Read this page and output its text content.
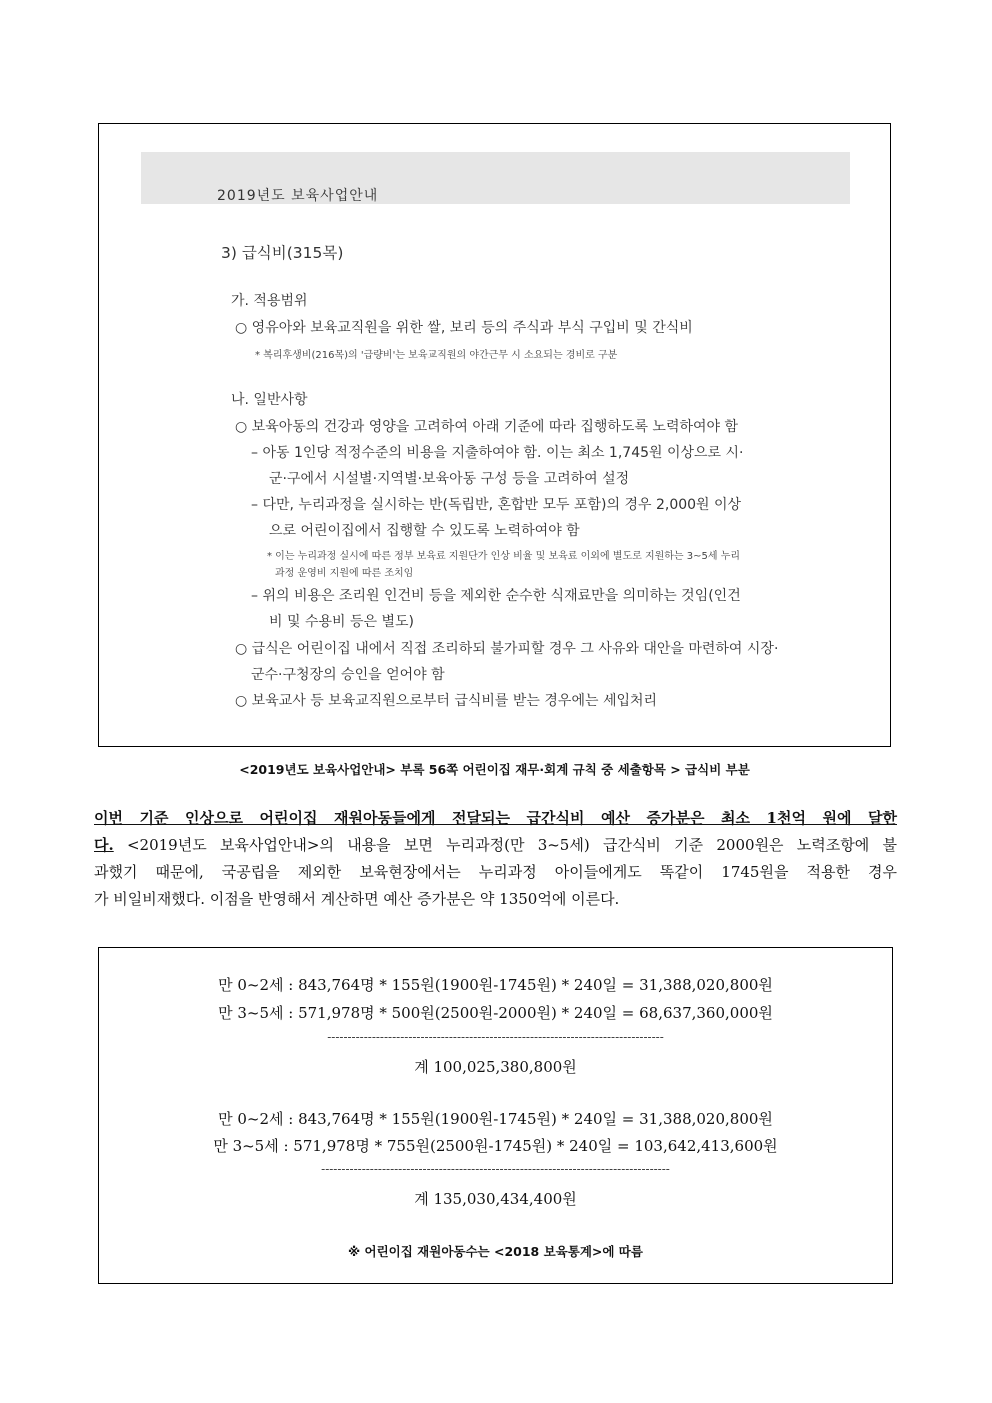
2019년도 보육사업안내
3) 급식비(315목)
가. 적용범위
○ 영유아와 보육교직원을 위한 쌀, 보리 등의 주식과 부식 구입비 및 간식비
* 복리후생비(216목)의 '급량비'는 보육교직원의 야간근무 시 소요되는 경비로 구분
나. 일반사항
○ 보육아동의 건강과 영양을 고려하여 아래 기준에 따라 집행하도록 노력하여야 함
– 아동 1인당 적정수준의 비용을 지출하여야 함. 이는 최소 1,745원 이상으로 시·
군·구에서 시설별·지역별·보육아동 구성 등을 고려하여 설정
– 다만, 누리과정을 실시하는 반(독립반, 혼합반 모두 포함)의 경우 2,000원 이상
으로 어린이집에서 집행할 수 있도록 노력하여야 함
* 이는 누리과정 실시에 따른 정부 보육료 지원단가 인상 비율 및 보육료 이외에 별도로 지원하는 3~5세 누리
과정 운영비 지원에 따른 조치임
– 위의 비용은 조리원 인건비 등을 제외한 순수한 식재료만을 의미하는 것임(인건
비 및 수용비 등은 별도)
○ 급식은 어린이집 내에서 직접 조리하되 불가피할 경우 그 사유와 대안을 마련하여 시장·
군수·구청장의 승인을 얻어야 함
○ 보육교사 등 보육교직원으로부터 급식비를 받는 경우에는 세입처리
<2019년도 보육사업안내> 부록 56쪽 어린이집 재무·회계 규칙 중 세출항목 > 급식비 부분
이번 기준 인상으로 어린이집 재원아동들에게 전달되는 급간식비 예산 증가분은 최소 1천억 원에 달한
다. <2019년도 보육사업안내>의 내용을 보면 누리과정(만 3~5세) 급간식비 기준 2000원은 노력조항에 불
과했기 때문에, 국공립을 제외한 보육현장에서는 누리과정 아이들에게도 똑같이 1745원을 적용한 경우
가 비일비재했다. 이점을 반영해서 계산하면 예산 증가분은 약 1350억에 이른다.
만 0~2세 : 843,764명 * 155원(1900원-1745원) * 240일 = 31,388,020,800원
만 3~5세 : 571,978명 * 500원(2500원-2000원) * 240일 = 68,637,360,000원
-----------------------------------------------------------------------------------
계 100,025,380,800원
만 0~2세 : 843,764명 * 155원(1900원-1745원) * 240일 = 31,388,020,800원
만 3~5세 : 571,978명 * 755원(2500원-1745원) * 240일 = 103,642,413,600원
--------------------------------------------------------------------------------------
계 135,030,434,400원
※ 어린이집 재원아동수는 <2018 보육통계>에 따름
